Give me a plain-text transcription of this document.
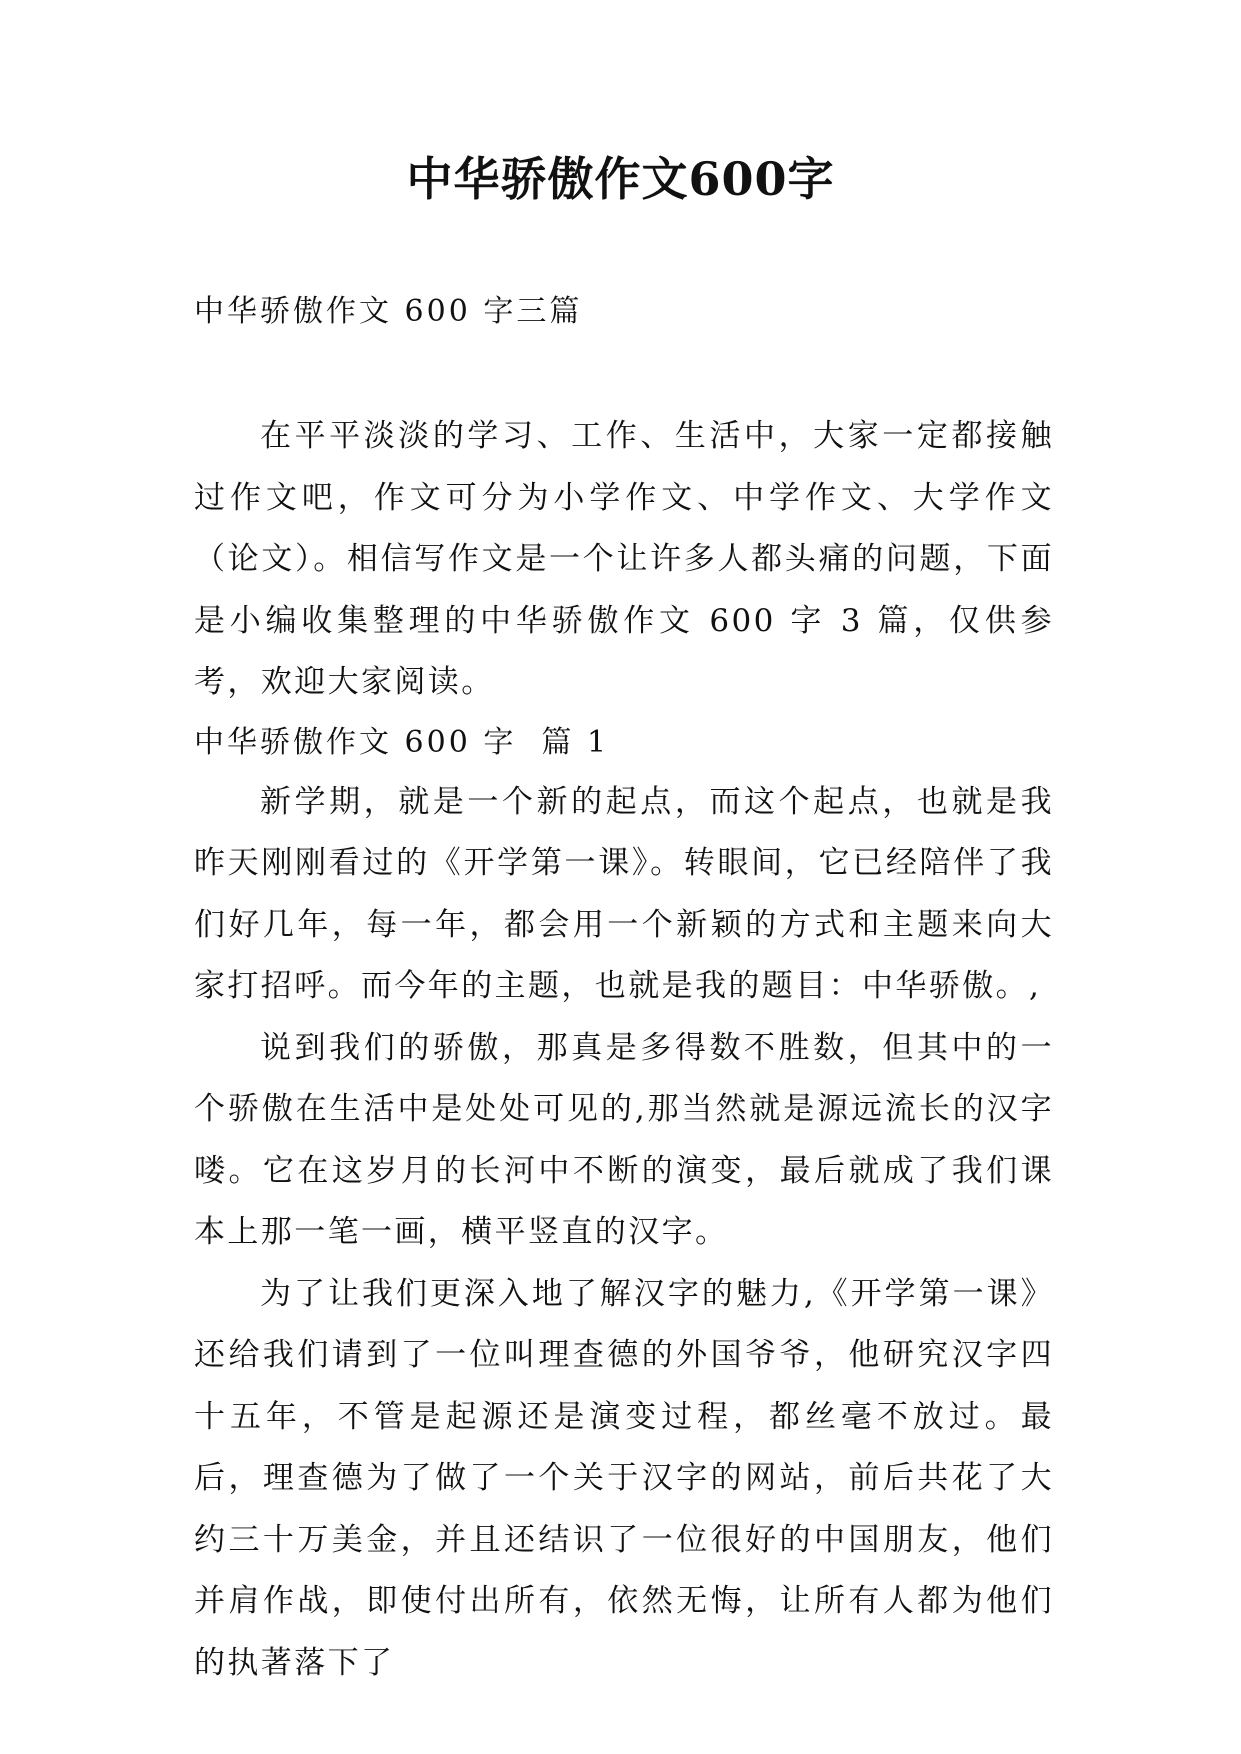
中华骄傲作文600字

中华骄傲作文 600 字三篇

在平平淡淡的学习、工作、生活中，大家一定都接触过作文吧，作文可分为小学作文、中学作文、大学作文（论文）。相信写作文是一个让许多人都头痛的问题，下面是小编收集整理的中华骄傲作文 600 字 3 篇，仅供参考，欢迎大家阅读。

中华骄傲作文 600 字  篇 1

新学期，就是一个新的起点，而这个起点，也就是我昨天刚刚看过的《开学第一课》。转眼间，它已经陪伴了我们好几年，每一年，都会用一个新颖的方式和主题来向大家打招呼。而今年的主题，也就是我的题目：中华骄傲。,

说到我们的骄傲，那真是多得数不胜数，但其中的一个骄傲在生活中是处处可见的,那当然就是源远流长的汉字喽。它在这岁月的长河中不断的演变，最后就成了我们课本上那一笔一画，横平竖直的汉字。

为了让我们更深入地了解汉字的魅力,《开学第一课》还给我们请到了一位叫理查德的外国爷爷，他研究汉字四十五年，不管是起源还是演变过程，都丝毫不放过。最后，理查德为了做了一个关于汉字的网站，前后共花了大约三十万美金，并且还结识了一位很好的中国朋友，他们并肩作战，即使付出所有，依然无悔，让所有人都为他们的执著落下了
